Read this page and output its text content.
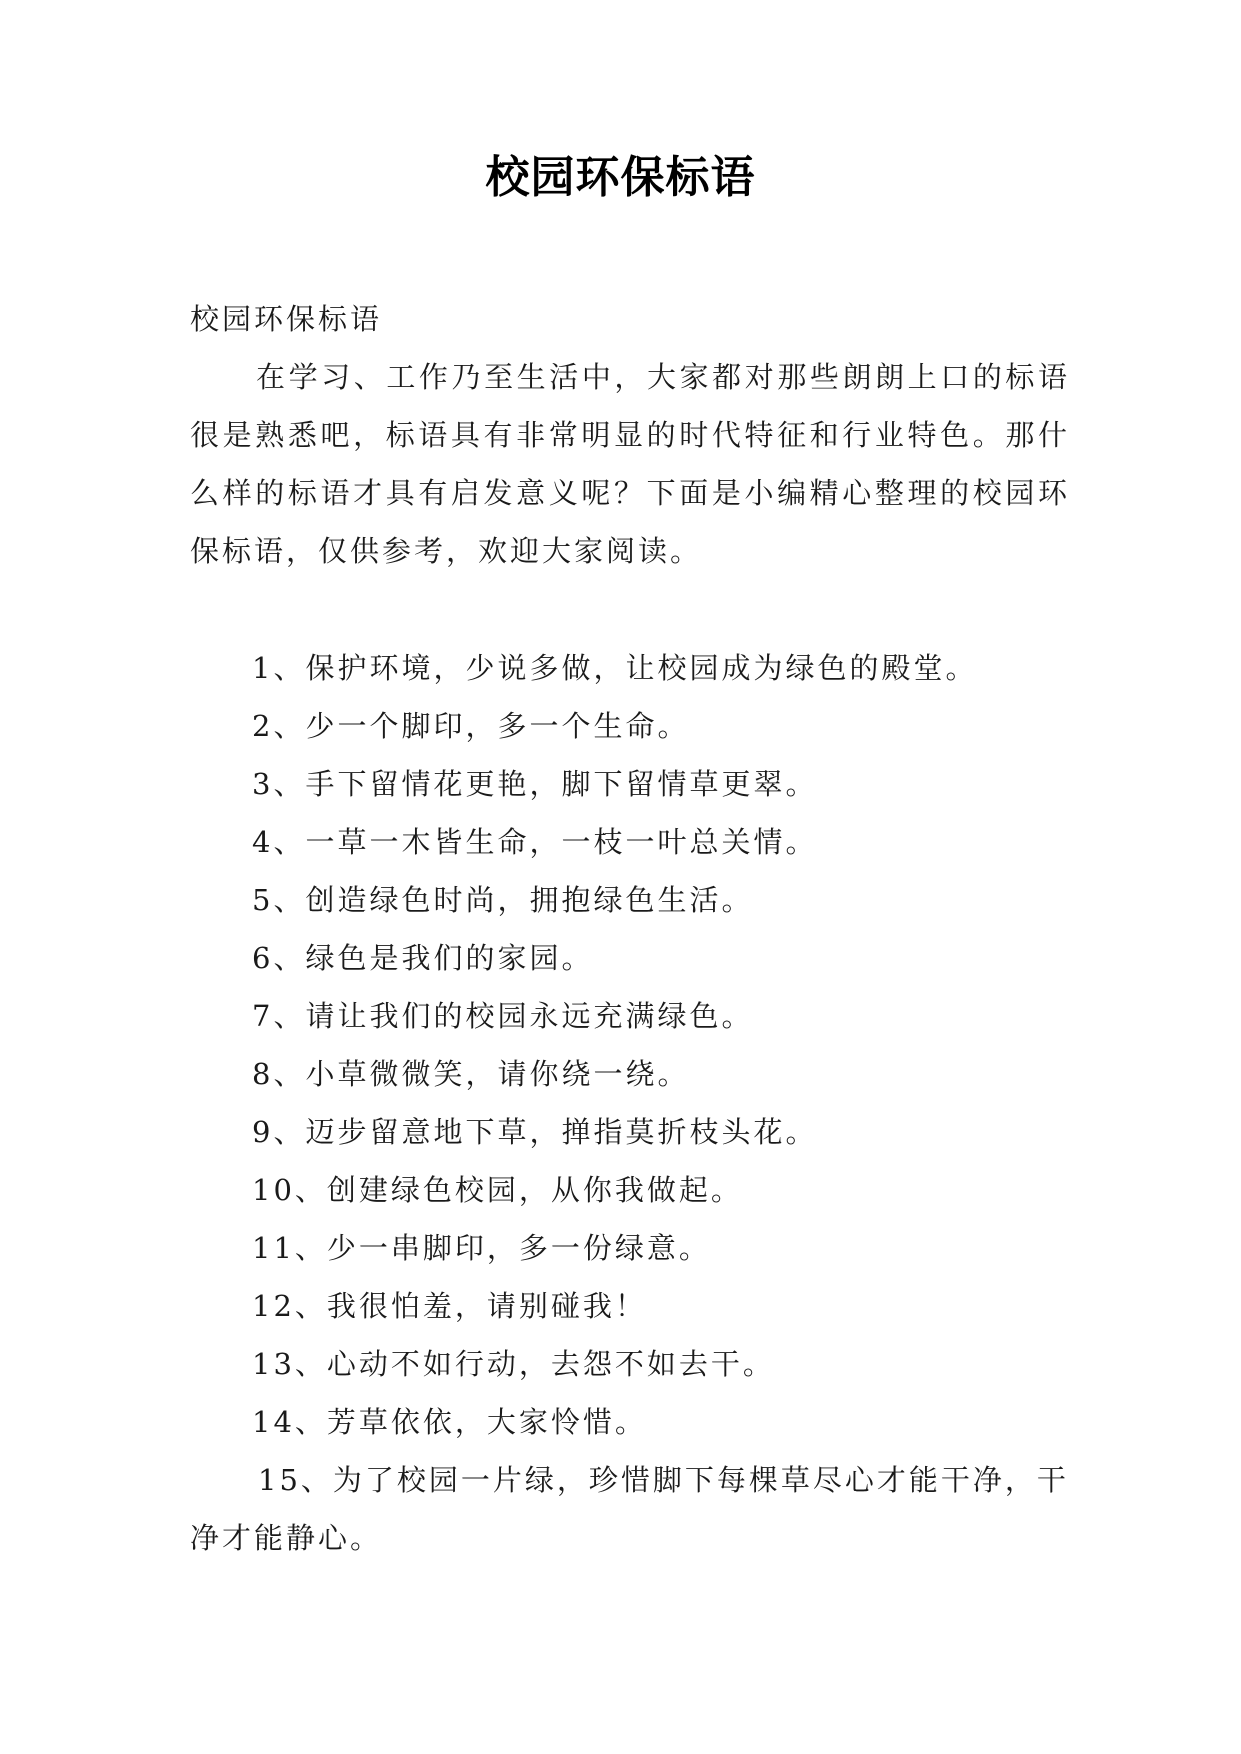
校园环保标语
校园环保标语

在学习、工作乃至生活中，大家都对那些朗朗上口的标语很是熟悉吧，标语具有非常明显的时代特征和行业特色。那什么样的标语才具有启发意义呢？下面是小编精心整理的校园环保标语，仅供参考，欢迎大家阅读。

1、保护环境，少说多做，让校园成为绿色的殿堂。
2、少一个脚印，多一个生命。
3、手下留情花更艳，脚下留情草更翠。
4、一草一木皆生命，一枝一叶总关情。
5、创造绿色时尚，拥抱绿色生活。
6、绿色是我们的家园。
7、请让我们的校园永远充满绿色。
8、小草微微笑，请你绕一绕。
9、迈步留意地下草，掸指莫折枝头花。
10、创建绿色校园，从你我做起。
11、少一串脚印，多一份绿意。
12、我很怕羞，请别碰我！
13、心动不如行动，去怨不如去干。
14、芳草依依，大家怜惜。
15、为了校园一片绿，珍惜脚下每棵草尽心才能干净，干净才能静心。
